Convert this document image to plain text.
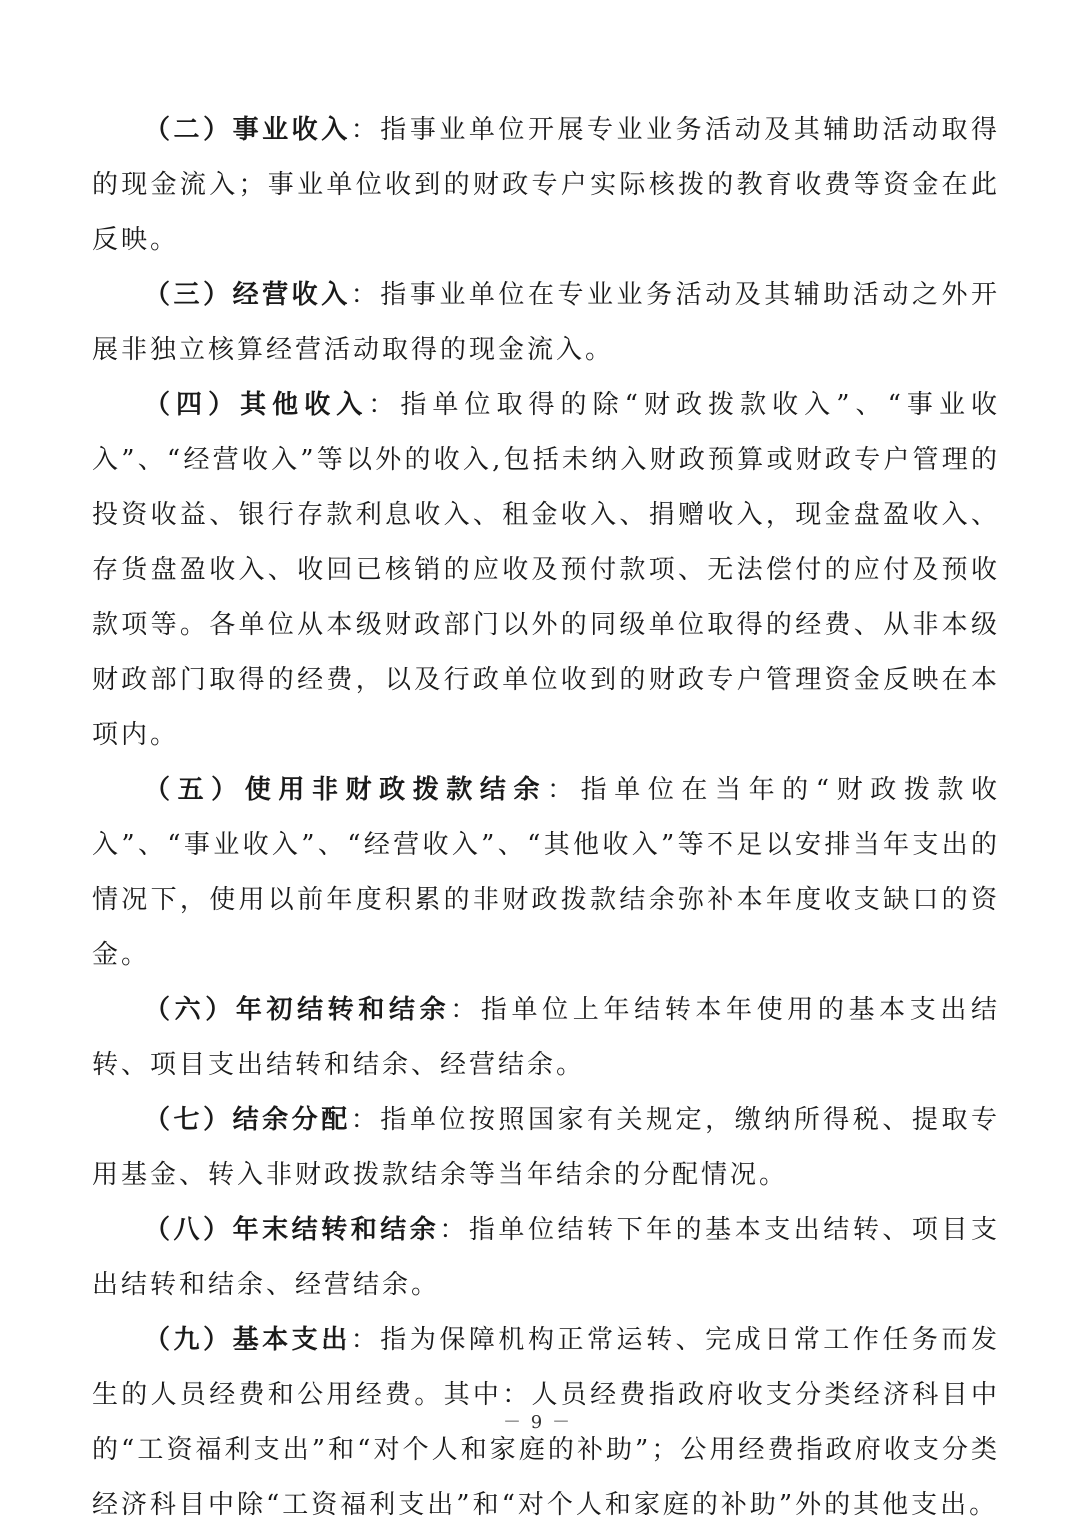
（二）事业收入：指事业单位开展专业业务活动及其辅助活动取得的现金流入；事业单位收到的财政专户实际核拨的教育收费等资金在此反映。

（三）经营收入：指事业单位在专业业务活动及其辅助活动之外开展非独立核算经营活动取得的现金流入。

（四）其他收入：指单位取得的除“财政拨款收入”、“事业收入”、“经营收入”等以外的收入,包括未纳入财政预算或财政专户管理的投资收益、银行存款利息收入、租金收入、捐赠收入，现金盘盈收入、存货盘盈收入、收回已核销的应收及预付款项、无法偿付的应付及预收款项等。各单位从本级财政部门以外的同级单位取得的经费、从非本级财政部门取得的经费，以及行政单位收到的财政专户管理资金反映在本项内。

（五）使用非财政拨款结余：指单位在当年的“财政拨款收入”、“事业收入”、“经营收入”、“其他收入”等不足以安排当年支出的情况下，使用以前年度积累的非财政拨款结余弥补本年度收支缺口的资金。

（六）年初结转和结余：指单位上年结转本年使用的基本支出结转、项目支出结转和结余、经营结余。

（七）结余分配：指单位按照国家有关规定，缴纳所得税、提取专用基金、转入非财政拨款结余等当年结余的分配情况。

（八）年末结转和结余：指单位结转下年的基本支出结转、项目支出结转和结余、经营结余。

（九）基本支出：指为保障机构正常运转、完成日常工作任务而发生的人员经费和公用经费。其中：人员经费指政府收支分类经济科目中的“工资福利支出”和“对个人和家庭的补助”；公用经费指政府收支分类经济科目中除“工资福利支出”和“对个人和家庭的补助”外的其他支出。

－ 9 －
